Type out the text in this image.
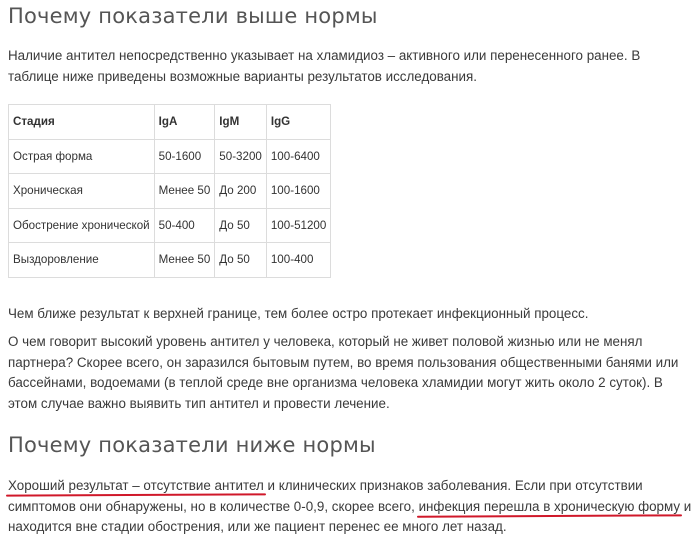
Почему показатели выше нормы

Наличие антител непосредственно указывает на хламидиоз – активного или перенесенного ранее. В таблице ниже приведены возможные варианты результатов исследования.

Стадия	IgA	IgM	IgG
Острая форма	50-1600	50-3200	100-6400
Хроническая	Менее 50	До 200	100-1600
Обострение хронической	50-400	До 50	100-51200
Выздоровление	Менее 50	До 50	100-400

Чем ближе результат к верхней границе, тем более остро протекает инфекционный процесс.

О чем говорит высокий уровень антител у человека, который не живет половой жизнью или не менял партнера? Скорее всего, он заразился бытовым путем, во время пользования общественными банями или бассейнами, водоемами (в теплой среде вне организма человека хламидии могут жить около 2 суток). В этом случае важно выявить тип антител и провести лечение.

Почему показатели ниже нормы

Хороший результат – отсутствие антител и клинических признаков заболевания. Если при отсутствии симптомов они обнаружены, но в количестве 0-0,9, скорее всего, инфекция перешла в хроническую форму и находится вне стадии обострения, или же пациент перенес ее много лет назад.
